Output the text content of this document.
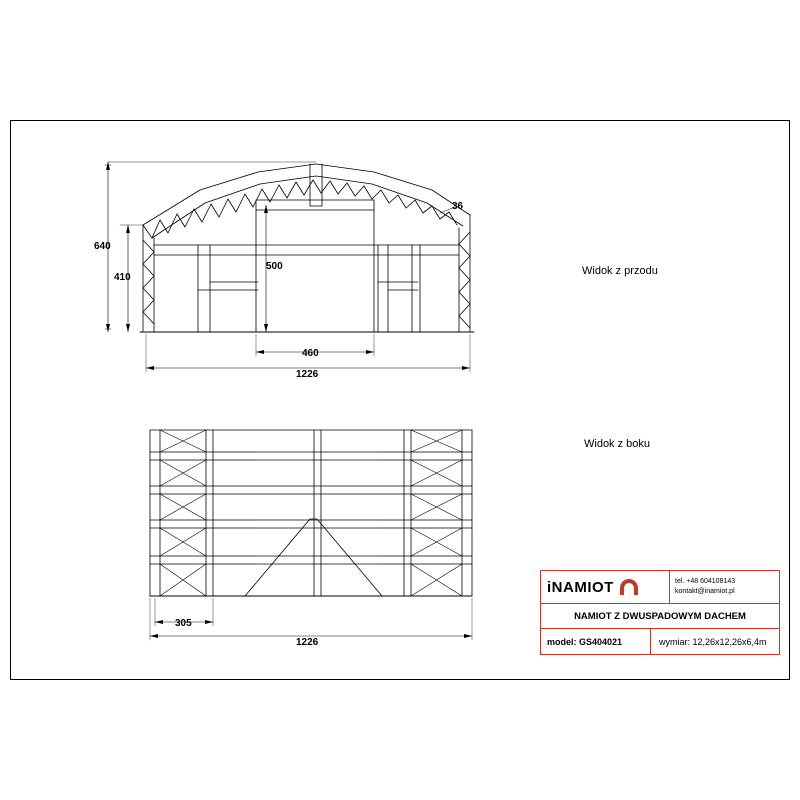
640
410
500
460
1226
36
305
1226
Widok z przodu
Widok z boku
iNAMIOT	tel. +48 604108143
kontakt@inamiot.pl
NAMIOT Z DWUSPADOWYM DACHEM
model: GS404021	wymiar: 12,26x12,26x6,4m
